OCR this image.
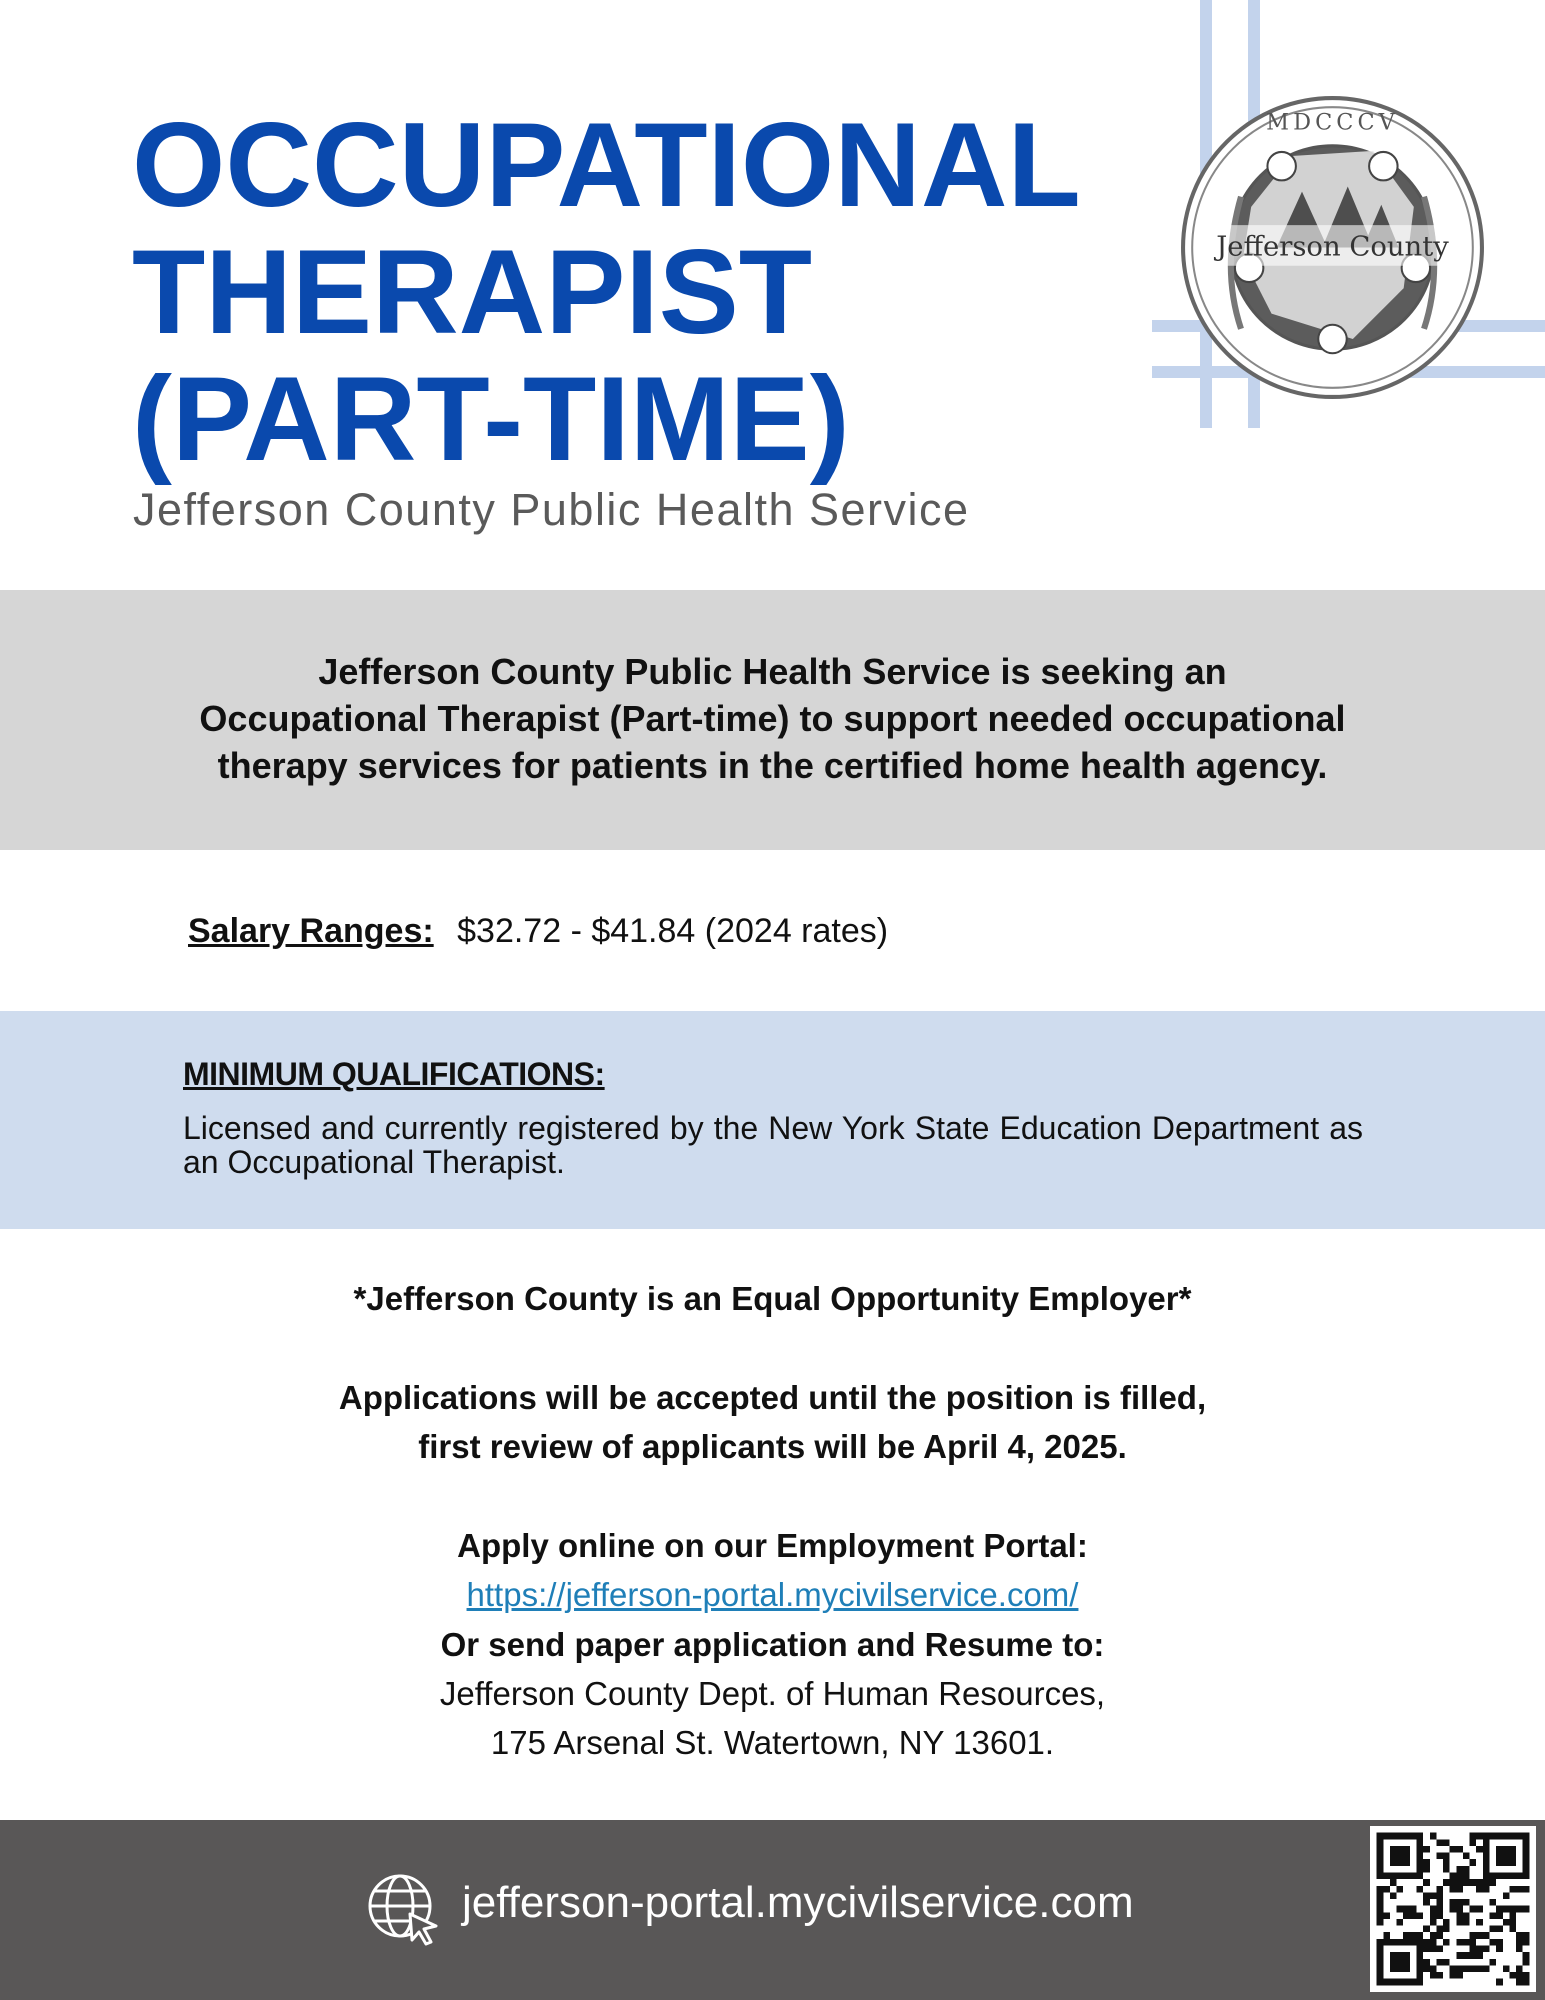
MDCCCV
Jefferson County
OCCUPATIONAL
THERAPIST
(PART-TIME)
Jefferson County Public Health Service
Jefferson County Public Health Service is seeking an
Occupational Therapist (Part-time) to support needed occupational
therapy services for patients in the certified home health agency.
Salary Ranges: $32.72 - $41.84 (2024 rates)
MINIMUM QUALIFICATIONS:
Licensed and currently registered by the New York State Education Department as an Occupational Therapist.
*Jefferson County is an Equal Opportunity Employer*
Applications will be accepted until the position is filled,
first review of applicants will be April 4, 2025.
Apply online on our Employment Portal:
https://jefferson-portal.mycivilservice.com/
Or send paper application and Resume to:
Jefferson County Dept. of Human Resources,
175 Arsenal St. Watertown, NY 13601.
jefferson-portal.mycivilservice.com
